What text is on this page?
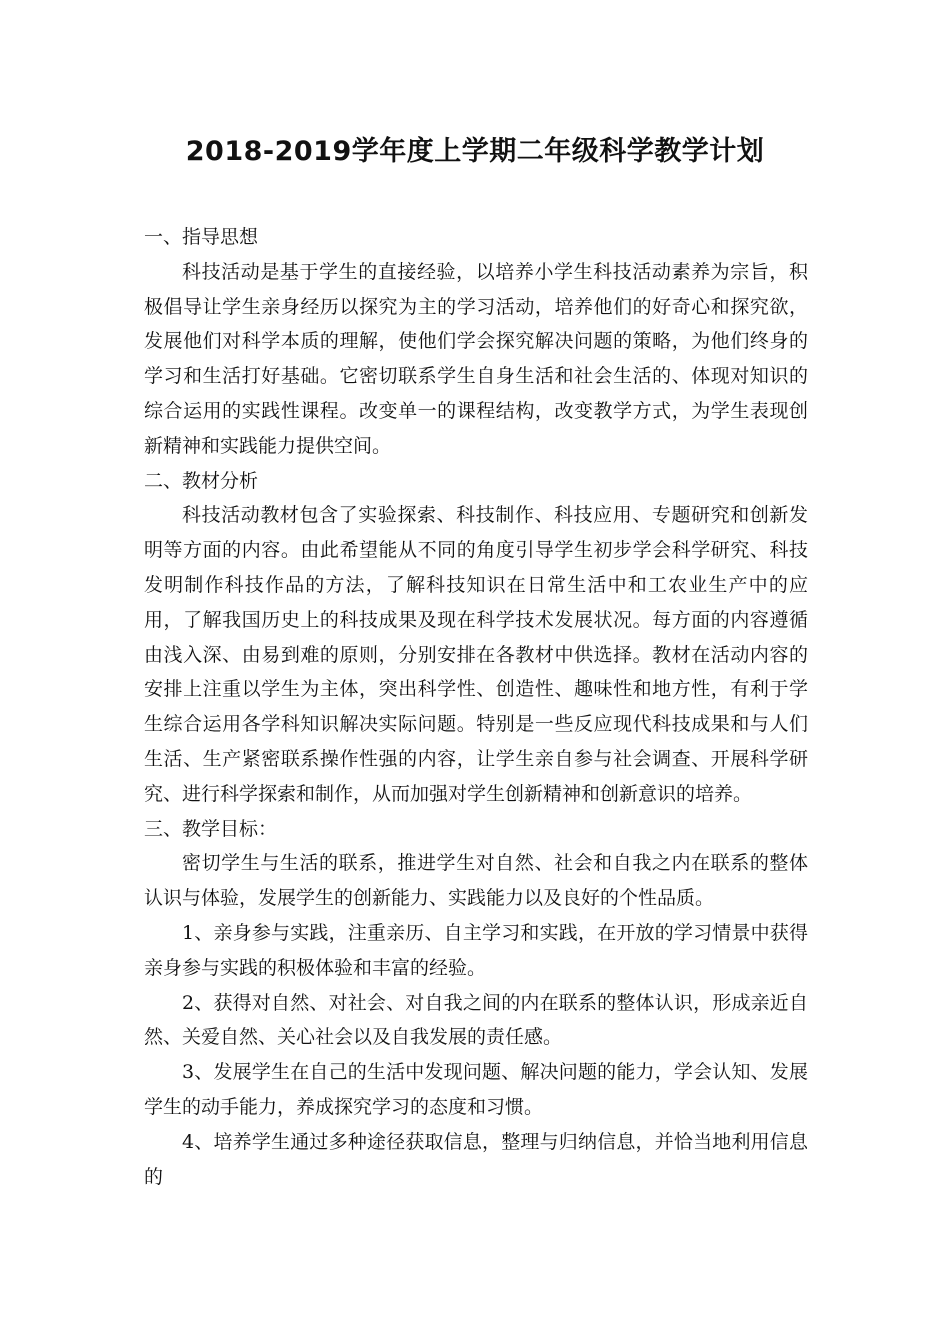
2018-2019学年度上学期二年级科学教学计划

一、指导思想

科技活动是基于学生的直接经验，以培养小学生科技活动素养为宗旨，积极倡导让学生亲身经历以探究为主的学习活动，培养他们的好奇心和探究欲，发展他们对科学本质的理解，使他们学会探究解决问题的策略，为他们终身的学习和生活打好基础。它密切联系学生自身生活和社会生活的、体现对知识的综合运用的实践性课程。改变单一的课程结构，改变教学方式，为学生表现创新精神和实践能力提供空间。

二、教材分析

科技活动教材包含了实验探索、科技制作、科技应用、专题研究和创新发明等方面的内容。由此希望能从不同的角度引导学生初步学会科学研究、科技发明制作科技作品的方法，了解科技知识在日常生活中和工农业生产中的应用，了解我国历史上的科技成果及现在科学技术发展状况。每方面的内容遵循由浅入深、由易到难的原则，分别安排在各教材中供选择。教材在活动内容的安排上注重以学生为主体，突出科学性、创造性、趣味性和地方性，有利于学生综合运用各学科知识解决实际问题。特别是一些反应现代科技成果和与人们生活、生产紧密联系操作性强的内容，让学生亲自参与社会调查、开展科学研究、进行科学探索和制作，从而加强对学生创新精神和创新意识的培养。

三、教学目标：

密切学生与生活的联系，推进学生对自然、社会和自我之内在联系的整体认识与体验，发展学生的创新能力、实践能力以及良好的个性品质。

1、亲身参与实践，注重亲历、自主学习和实践，在开放的学习情景中获得亲身参与实践的积极体验和丰富的经验。

2、获得对自然、对社会、对自我之间的内在联系的整体认识，形成亲近自然、关爱自然、关心社会以及自我发展的责任感。

3、发展学生在自己的生活中发现问题、解决问题的能力，学会认知、发展学生的动手能力，养成探究学习的态度和习惯。

4、培养学生通过多种途径获取信息，整理与归纳信息，并恰当地利用信息的
